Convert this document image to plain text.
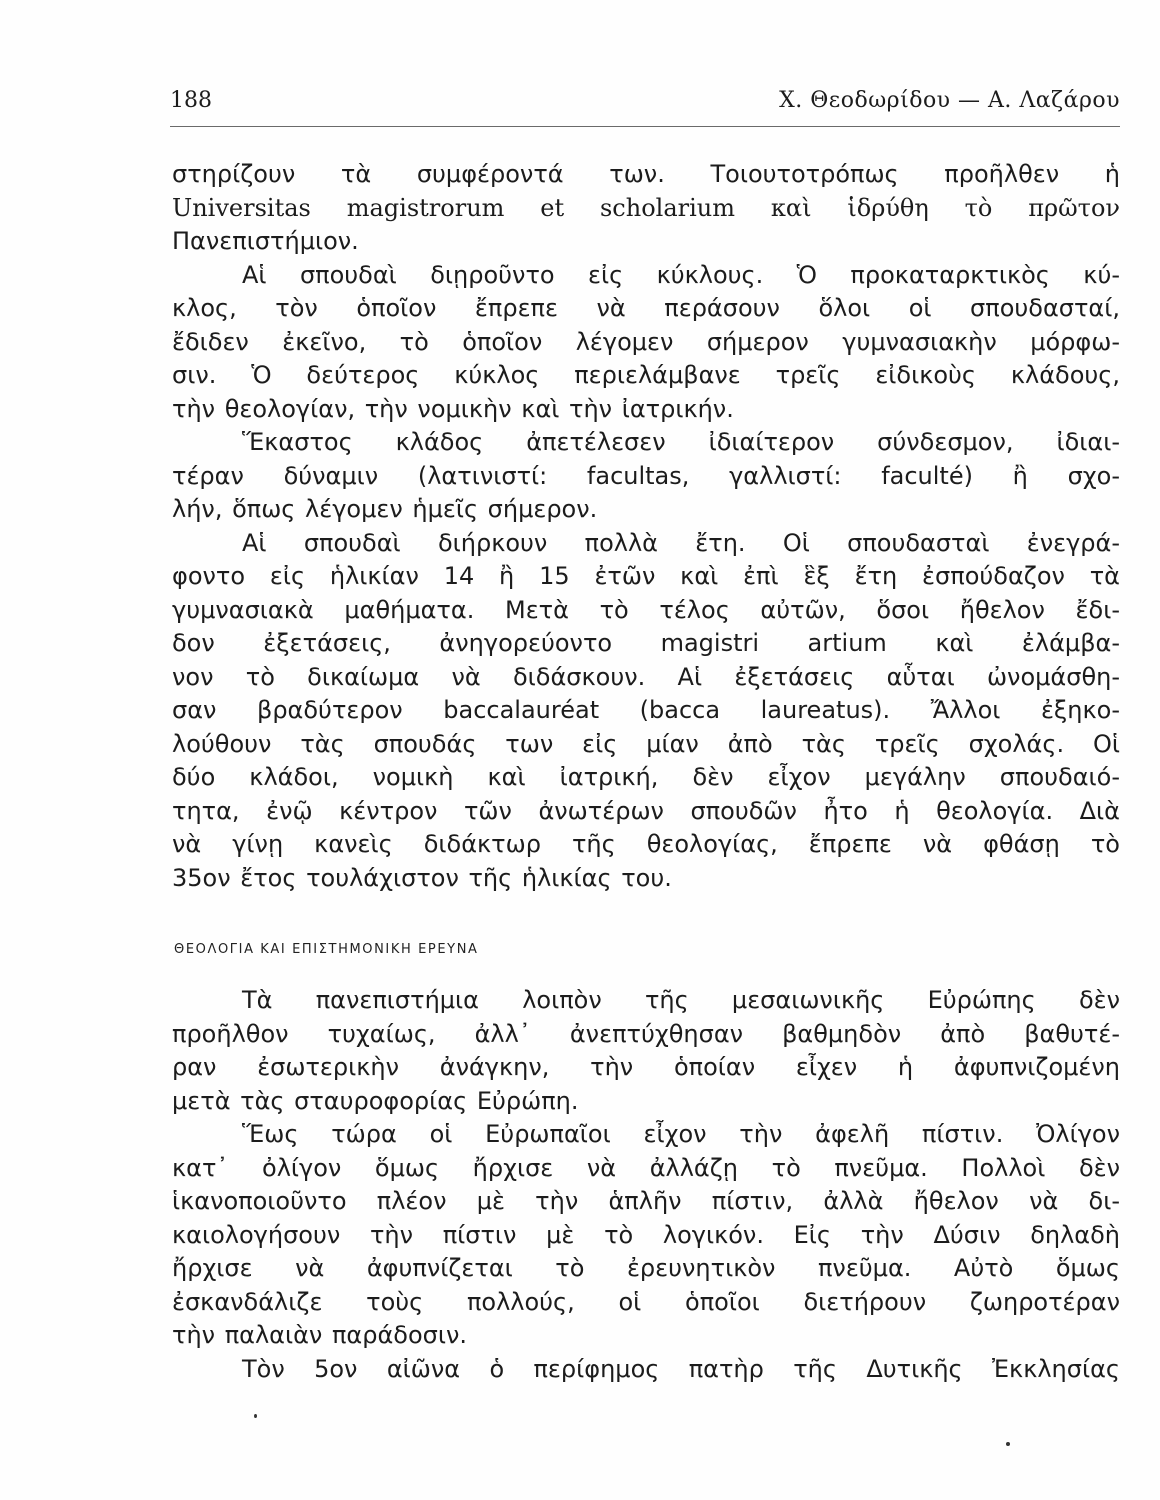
188	Χ. Θεοδωρίδου — Α. Λαζάρου
στηρίζουν τὰ συμφέροντά των. Τοιουτοτρόπως προῆλθεν ἡ
Universitas magistrorum et scholarium καὶ ἱδρύθη τὸ πρῶτον
Πανεπιστήμιον.
Αἱ σπουδαὶ διῃροῦντο εἰς κύκλους. Ὁ προκαταρκτικὸς κύ-
κλος, τὸν ὁποῖον ἔπρεπε νὰ περάσουν ὅλοι οἱ σπουδασταί,
ἔδιδεν ἐκεῖνο, τὸ ὁποῖον λέγομεν σήμερον γυμνασιακὴν μόρφω-
σιν. Ὁ δεύτερος κύκλος περιελάμβανε τρεῖς εἰδικοὺς κλάδους,
τὴν θεολογίαν, τὴν νομικὴν καὶ τὴν ἰατρικήν.
Ἕκαστος κλάδος ἀπετέλεσεν ἰδιαίτερον σύνδεσμον, ἰδιαι-
τέραν δύναμιν (λατινιστί: facultas, γαλλιστί: faculté) ἢ σχο-
λήν, ὅπως λέγομεν ἡμεῖς σήμερον.
Αἱ σπουδαὶ διήρκουν πολλὰ ἔτη. Οἱ σπουδασταὶ ἐνεγρά-
φοντο εἰς ἡλικίαν 14 ἢ 15 ἐτῶν καὶ ἐπὶ ἓξ ἔτη ἐσπούδαζον τὰ
γυμνασιακὰ μαθήματα. Μετὰ τὸ τέλος αὐτῶν, ὅσοι ἤθελον ἔδι-
δον ἐξετάσεις, ἀνηγορεύοντο magistri artium καὶ ἐλάμβα-
νον τὸ δικαίωμα νὰ διδάσκουν. Αἱ ἐξετάσεις αὗται ὠνομάσθη-
σαν βραδύτερον baccalauréat (bacca laureatus). Ἄλλοι ἐξηκο-
λούθουν τὰς σπουδάς των εἰς μίαν ἀπὸ τὰς τρεῖς σχολάς. Οἱ
δύο κλάδοι, νομικὴ καὶ ἰατρική, δὲν εἶχον μεγάλην σπουδαιό-
τητα, ἐνῷ κέντρον τῶν ἀνωτέρων σπουδῶν ἦτο ἡ θεολογία. Διὰ
νὰ γίνῃ κανεὶς διδάκτωρ τῆς θεολογίας, ἔπρεπε νὰ φθάσῃ τὸ
35ον ἔτος τουλάχιστον τῆς ἡλικίας του.
ΘΕΟΛΟΓΙΑ ΚΑΙ ΕΠΙΣΤΗΜΟΝΙΚΗ ΕΡΕΥΝΑ
Τὰ πανεπιστήμια λοιπὸν τῆς μεσαιωνικῆς Εὐρώπης δὲν
προῆλθον τυχαίως, ἀλλ᾿ ἀνεπτύχθησαν βαθμηδὸν ἀπὸ βαθυτέ-
ραν ἐσωτερικὴν ἀνάγκην, τὴν ὁποίαν εἶχεν ἡ ἀφυπνιζομένη
μετὰ τὰς σταυροφορίας Εὐρώπη.
Ἕως τώρα οἱ Εὐρωπαῖοι εἶχον τὴν ἀφελῆ πίστιν. Ὀλίγον
κατ᾿ ὀλίγον ὅμως ἤρχισε νὰ ἀλλάζῃ τὸ πνεῦμα. Πολλοὶ δὲν
ἱκανοποιοῦντο πλέον μὲ τὴν ἁπλῆν πίστιν, ἀλλὰ ἤθελον νὰ δι-
καιολογήσουν τὴν πίστιν μὲ τὸ λογικόν. Εἰς τὴν Δύσιν δηλαδὴ
ἤρχισε νὰ ἀφυπνίζεται τὸ ἐρευνητικὸν πνεῦμα. Αὐτὸ ὅμως
ἐσκανδάλιζε τοὺς πολλούς, οἱ ὁποῖοι διετήρουν ζωηροτέραν
τὴν παλαιὰν παράδοσιν.
Τὸν 5ον αἰῶνα ὁ περίφημος πατὴρ τῆς Δυτικῆς Ἐκκλησίας
